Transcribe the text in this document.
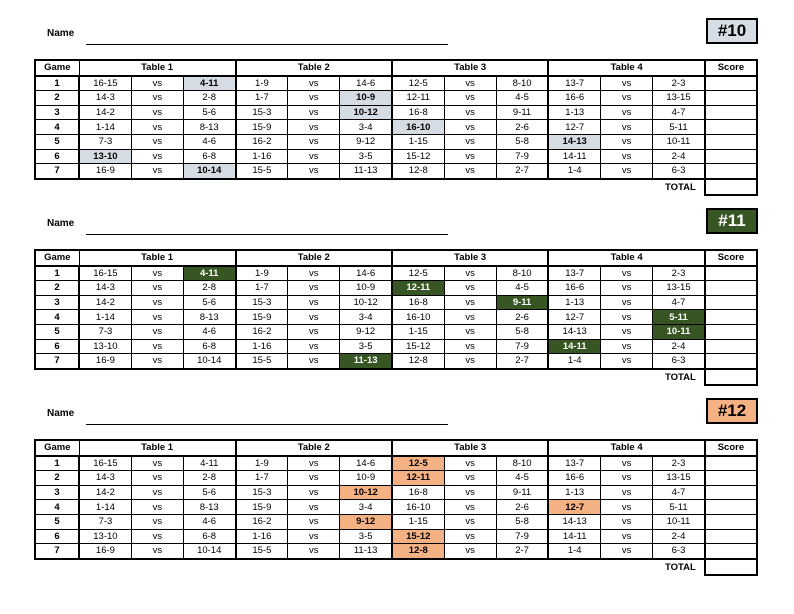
Name	#10
Game	Table 1			Table 2			Table 3			Table 4			Score
1	16-15	vs	4-11	1-9	vs	14-6	12-5	vs	8-10	13-7	vs	2-3	
2	14-3	vs	2-8	1-7	vs	10-9	12-11	vs	4-5	16-6	vs	13-15	
3	14-2	vs	5-6	15-3	vs	10-12	16-8	vs	9-11	1-13	vs	4-7	
4	1-14	vs	8-13	15-9	vs	3-4	16-10	vs	2-6	12-7	vs	5-11	
5	7-3	vs	4-6	16-2	vs	9-12	1-15	vs	5-8	14-13	vs	10-11	
6	13-10	vs	6-8	1-16	vs	3-5	15-12	vs	7-9	14-11	vs	2-4	
7	16-9	vs	10-14	15-5	vs	11-13	12-8	vs	2-7	1-4	vs	6-3	
TOTAL													
Name	#11
Game	Table 1			Table 2			Table 3			Table 4			Score
1	16-15	vs	4-11	1-9	vs	14-6	12-5	vs	8-10	13-7	vs	2-3	
2	14-3	vs	2-8	1-7	vs	10-9	12-11	vs	4-5	16-6	vs	13-15	
3	14-2	vs	5-6	15-3	vs	10-12	16-8	vs	9-11	1-13	vs	4-7	
4	1-14	vs	8-13	15-9	vs	3-4	16-10	vs	2-6	12-7	vs	5-11	
5	7-3	vs	4-6	16-2	vs	9-12	1-15	vs	5-8	14-13	vs	10-11	
6	13-10	vs	6-8	1-16	vs	3-5	15-12	vs	7-9	14-11	vs	2-4	
7	16-9	vs	10-14	15-5	vs	11-13	12-8	vs	2-7	1-4	vs	6-3	
TOTAL													
Name	#12
Game	Table 1			Table 2			Table 3			Table 4			Score
1	16-15	vs	4-11	1-9	vs	14-6	12-5	vs	8-10	13-7	vs	2-3	
2	14-3	vs	2-8	1-7	vs	10-9	12-11	vs	4-5	16-6	vs	13-15	
3	14-2	vs	5-6	15-3	vs	10-12	16-8	vs	9-11	1-13	vs	4-7	
4	1-14	vs	8-13	15-9	vs	3-4	16-10	vs	2-6	12-7	vs	5-11	
5	7-3	vs	4-6	16-2	vs	9-12	1-15	vs	5-8	14-13	vs	10-11	
6	13-10	vs	6-8	1-16	vs	3-5	15-12	vs	7-9	14-11	vs	2-4	
7	16-9	vs	10-14	15-5	vs	11-13	12-8	vs	2-7	1-4	vs	6-3	
TOTAL													
